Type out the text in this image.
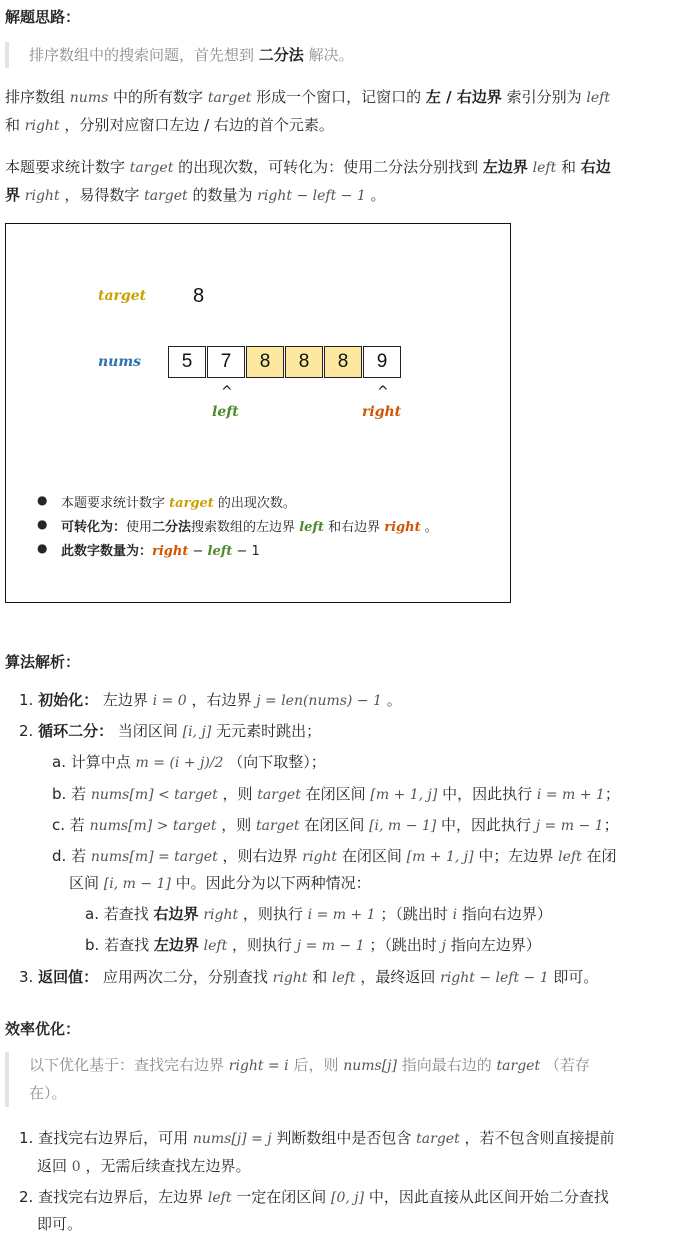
解题思路：
排序数组中的搜索问题，首先想到 二分法 解决。
排序数组 nums 中的所有数字 target 形成一个窗口，记窗口的 左 / 右边界 索引分别为 left
和 right ，分别对应窗口左边 / 右边的首个元素。
本题要求统计数字 target 的出现次数，可转化为：使用二分法分别找到 左边界 left 和 右边
界 right ，易得数字 target 的数量为 right − left − 1 。
target 8
nums	5	7	8	8	8	9
^
left
^
right
● 本题要求统计数字 target 的出现次数。
● 可转化为：使用二分法搜索数组的左边界 left 和右边界 right 。
● 此数字数量为：right − left − 1
算法解析：
1. 初始化： 左边界 i = 0 ，右边界 j = len(nums) − 1 。
2. 循环二分： 当闭区间 [i, j] 无元素时跳出；
a. 计算中点 m = (i + j)/2 （向下取整）；
b. 若 nums[m] < target ，则 target 在闭区间 [m + 1, j] 中，因此执行 i = m + 1；
c. 若 nums[m] > target ，则 target 在闭区间 [i, m − 1] 中，因此执行 j = m − 1；
d. 若 nums[m] = target ，则右边界 right 在闭区间 [m + 1, j] 中；左边界 left 在闭
区间 [i, m − 1] 中。因此分为以下两种情况：
a. 若查找 右边界 right ，则执行 i = m + 1 ；（跳出时 i 指向右边界）
b. 若查找 左边界 left ，则执行 j = m − 1 ；（跳出时 j 指向左边界）
3. 返回值： 应用两次二分，分别查找 right 和 left ，最终返回 right − left − 1 即可。
效率优化：
以下优化基于：查找完右边界 right = i 后，则 nums[j] 指向最右边的 target （若存
在）。
1. 查找完右边界后，可用 nums[j] = j 判断数组中是否包含 target ，若不包含则直接提前
返回 0 ，无需后续查找左边界。
2. 查找完右边界后，左边界 left 一定在闭区间 [0, j] 中，因此直接从此区间开始二分查找
即可。
